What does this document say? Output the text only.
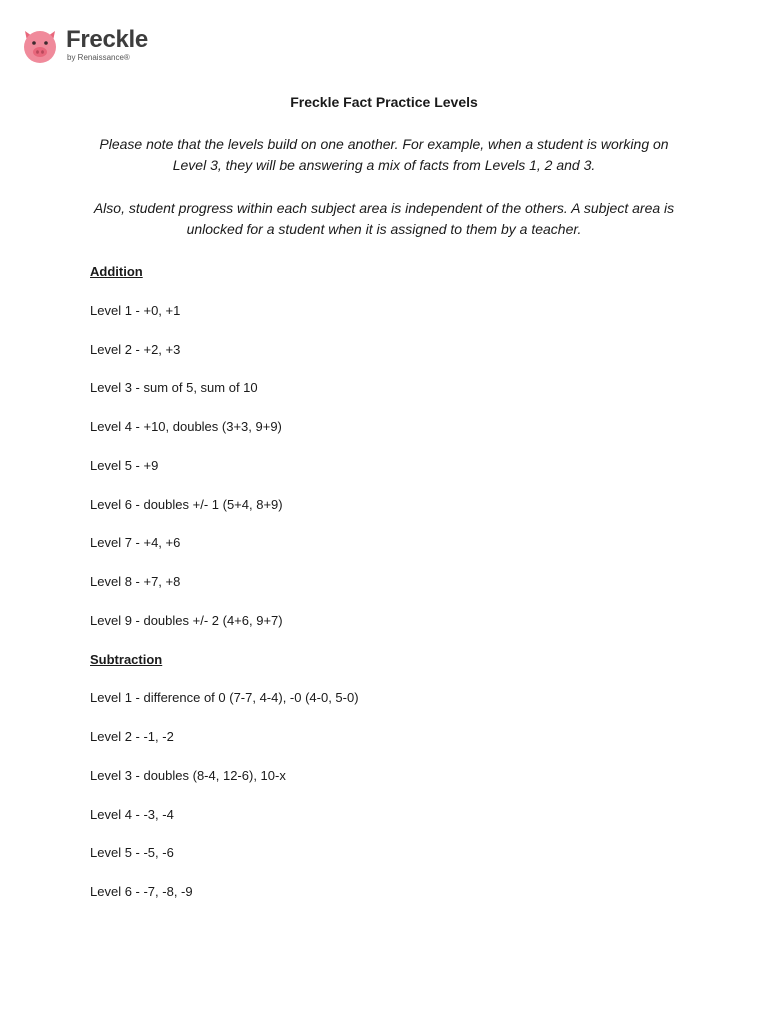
Freckle
by Renaissance®
Freckle Fact Practice Levels
Please note that the levels build on one another. For example, when a student is working on Level 3, they will be answering a mix of facts from Levels 1, 2 and 3.
Also, student progress within each subject area is independent of the others. A subject area is unlocked for a student when it is assigned to them by a teacher.
Addition
Level 1 - +0, +1
Level 2 - +2, +3
Level 3 - sum of 5, sum of 10
Level 4 - +10, doubles (3+3, 9+9)
Level 5 - +9
Level 6 - doubles +/- 1 (5+4, 8+9)
Level 7 - +4, +6
Level 8 - +7, +8
Level 9 - doubles +/- 2 (4+6, 9+7)
Subtraction
Level 1 - difference of 0 (7-7, 4-4), -0 (4-0, 5-0)
Level 2 - -1, -2
Level 3 - doubles (8-4, 12-6), 10-x
Level 4 - -3, -4
Level 5 - -5, -6
Level 6 - -7, -8, -9
